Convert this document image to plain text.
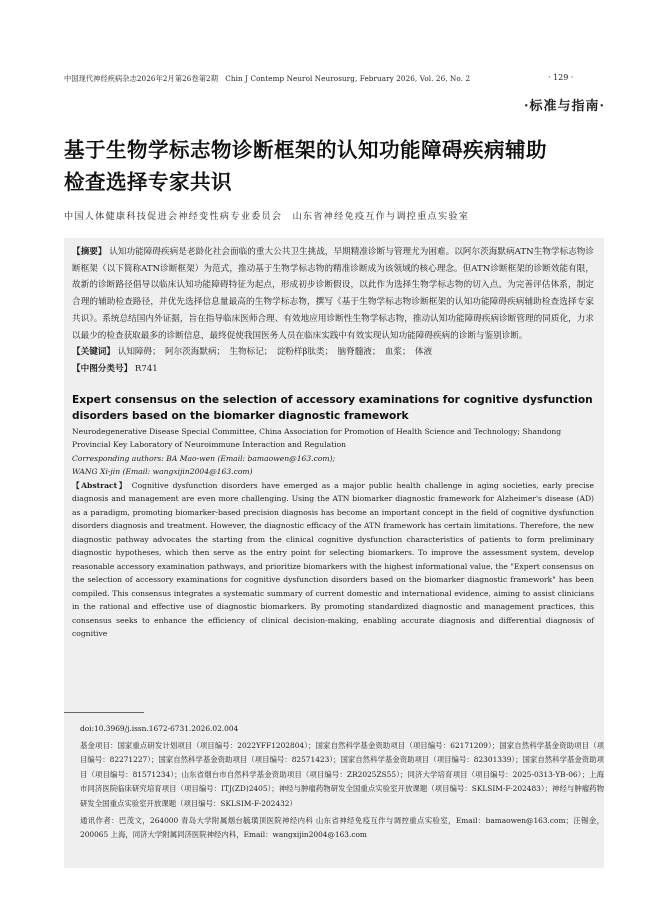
中国现代神经疾病杂志2026年2月第26卷第2期　Chin J Contemp Neurol Neurosurg, February 2026, Vol. 26, No. 2	· 129 ·
·标准与指南·
基于生物学标志物诊断框架的认知功能障碍疾病辅助检查选择专家共识
中国人体健康科技促进会神经变性病专业委员会　山东省神经免疫互作与调控重点实验室
【摘要】 认知功能障碍疾病是老龄化社会面临的重大公共卫生挑战，早期精准诊断与管理尤为困难。以阿尔茨海默病ATN生物学标志物诊断框架（以下简称ATN诊断框架）为范式，推动基于生物学标志物的精准诊断成为该领域的核心理念。但ATN诊断框架的诊断效能有限，故新的诊断路径倡导以临床认知功能障碍特征为起点，形成初步诊断假设，以此作为选择生物学标志物的切入点。为完善评估体系，制定合理的辅助检查路径，并优先选择信息量最高的生物学标志物，撰写《基于生物学标志物诊断框架的认知功能障碍疾病辅助检查选择专家共识》。系统总结国内外证据，旨在指导临床医师合理、有效地应用诊断性生物学标志物，推动认知功能障碍疾病诊断管理的同质化，力求以最少的检查获取最多的诊断信息，最终促使我国医务人员在临床实践中有效实现认知功能障碍疾病的诊断与鉴别诊断。
【关键词】 认知障碍；　阿尔茨海默病；　生物标记；　淀粉样β肽类；　脑脊髓液；　血浆；　体液
【中图分类号】 R741
Expert consensus on the selection of accessory examinations for cognitive dysfunction disorders based on the biomarker diagnostic framework
Neurodegenerative Disease Special Committee, China Association for Promotion of Health Science and Technology; Shandong Provincial Key Laboratory of Neuroimmune Interaction and Regulation
Corresponding authors: BA Mao-wen (Email: bamaowen@163.com);
WANG Xi-jin (Email: wangxijin2004@163.com)
【Abstract】 Cognitive dysfunction disorders have emerged as a major public health challenge in aging societies, early precise diagnosis and management are even more challenging. Using the ATN biomarker diagnostic framework for Alzheimer's disease (AD) as a paradigm, promoting biomarker-based precision diagnosis has become an important concept in the field of cognitive dysfunction disorders diagnosis and treatment. However, the diagnostic efficacy of the ATN framework has certain limitations. Therefore, the new diagnostic pathway advocates the starting from the clinical cognitive dysfunction characteristics of patients to form preliminary diagnostic hypotheses, which then serve as the entry point for selecting biomarkers. To improve the assessment system, develop reasonable accessory examination pathways, and prioritize biomarkers with the highest informational value, the "Expert consensus on the selection of accessory examinations for cognitive dysfunction disorders based on the biomarker diagnostic framework" has been compiled. This consensus integrates a systematic summary of current domestic and international evidence, aiming to assist clinicians in the rational and effective use of diagnostic biomarkers. By promoting standardized diagnostic and management practices, this consensus seeks to enhance the efficiency of clinical decision-making, enabling accurate diagnosis and differential diagnosis of cognitive
doi:10.3969/j.issn.1672-6731.2026.02.004
基金项目：国家重点研发计划项目（项目编号：2022YFF1202804）；国家自然科学基金资助项目（项目编号：62171209）；国家自然科学基金资助项目（项目编号：82271227）；国家自然科学基金资助项目（项目编号：82571423）；国家自然科学基金资助项目（项目编号：82301339）；国家自然科学基金资助项目（项目编号：81571234）；山东省烟台市自然科学基金资助项目（项目编号：ZR2025ZS55）；同济大学培育项目（项目编号：2025-0313-YB-06）；上海市同济医院临床研究培育项目（项目编号：ITJ(ZD)2405）；神经与肿瘤药物研发全国重点实验室开放课题（项目编号：SKLSIM-F-202483）；神经与肿瘤药物研发全国重点实验室开放课题（项目编号：SKLSIM-F-202432）
通讯作者：巴茂文，264000 青岛大学附属烟台毓璜顶医院神经内科 山东省神经免疫互作与调控重点实验室，Email：bamaowen@163.com；汪锡金，200065 上海，同济大学附属同济医院神经内科，Email：wangxijin2004@163.com
